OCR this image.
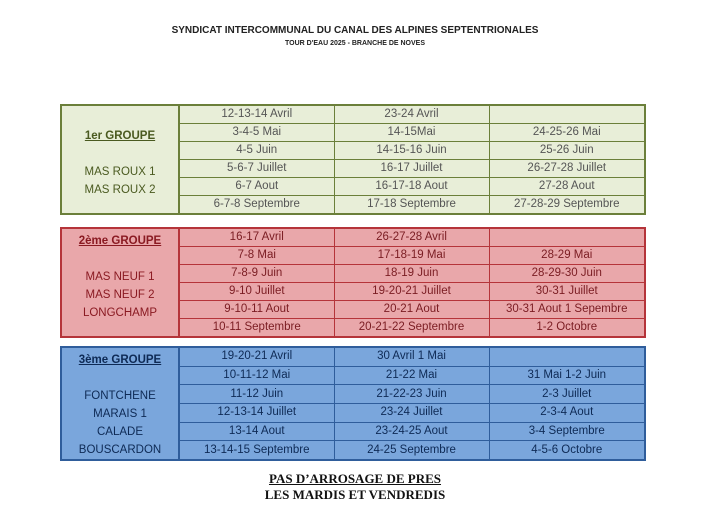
SYNDICAT INTERCOMMUNAL DU CANAL DES ALPINES SEPTENTRIONALES
TOUR D'EAU 2025 - BRANCHE DE NOVES
1er GROUPE
MAS ROUX 1
MAS ROUX 2	12-13-14 Avril	23-24 Avril	
	3-4-5 Mai	14-15Mai	24-25-26 Mai
	4-5 Juin	14-15-16 Juin	25-26 Juin
	5-6-7 Juillet	16-17 Juillet	26-27-28 Juillet
	6-7 Aout	16-17-18 Aout	27-28 Aout
	6-7-8 Septembre	17-18 Septembre	27-28-29 Septembre
2ème GROUPE
MAS NEUF 1
MAS NEUF 2
LONGCHAMP	16-17 Avril	26-27-28 Avril	
	7-8 Mai	17-18-19 Mai	28-29 Mai
	7-8-9 Juin	18-19 Juin	28-29-30 Juin
	9-10 Juillet	19-20-21 Juillet	30-31 Juillet
	9-10-11 Aout	20-21 Aout	30-31 Aout 1 Sepembre
	10-11 Septembre	20-21-22 Septembre	1-2 Octobre
3ème GROUPE
FONTCHENE
MARAIS 1
CALADE
BOUSCARDON	19-20-21 Avril	30 Avril 1 Mai	
	10-11-12 Mai	21-22 Mai	31 Mai 1-2 Juin
	11-12 Juin	21-22-23 Juin	2-3 Juillet
	12-13-14 Juillet	23-24 Juillet	2-3-4 Aout
	13-14 Aout	23-24-25 Aout	3-4 Septembre
	13-14-15 Septembre	24-25 Septembre	4-5-6 Octobre
PAS D’ARROSAGE DE PRES
LES MARDIS ET VENDREDIS
